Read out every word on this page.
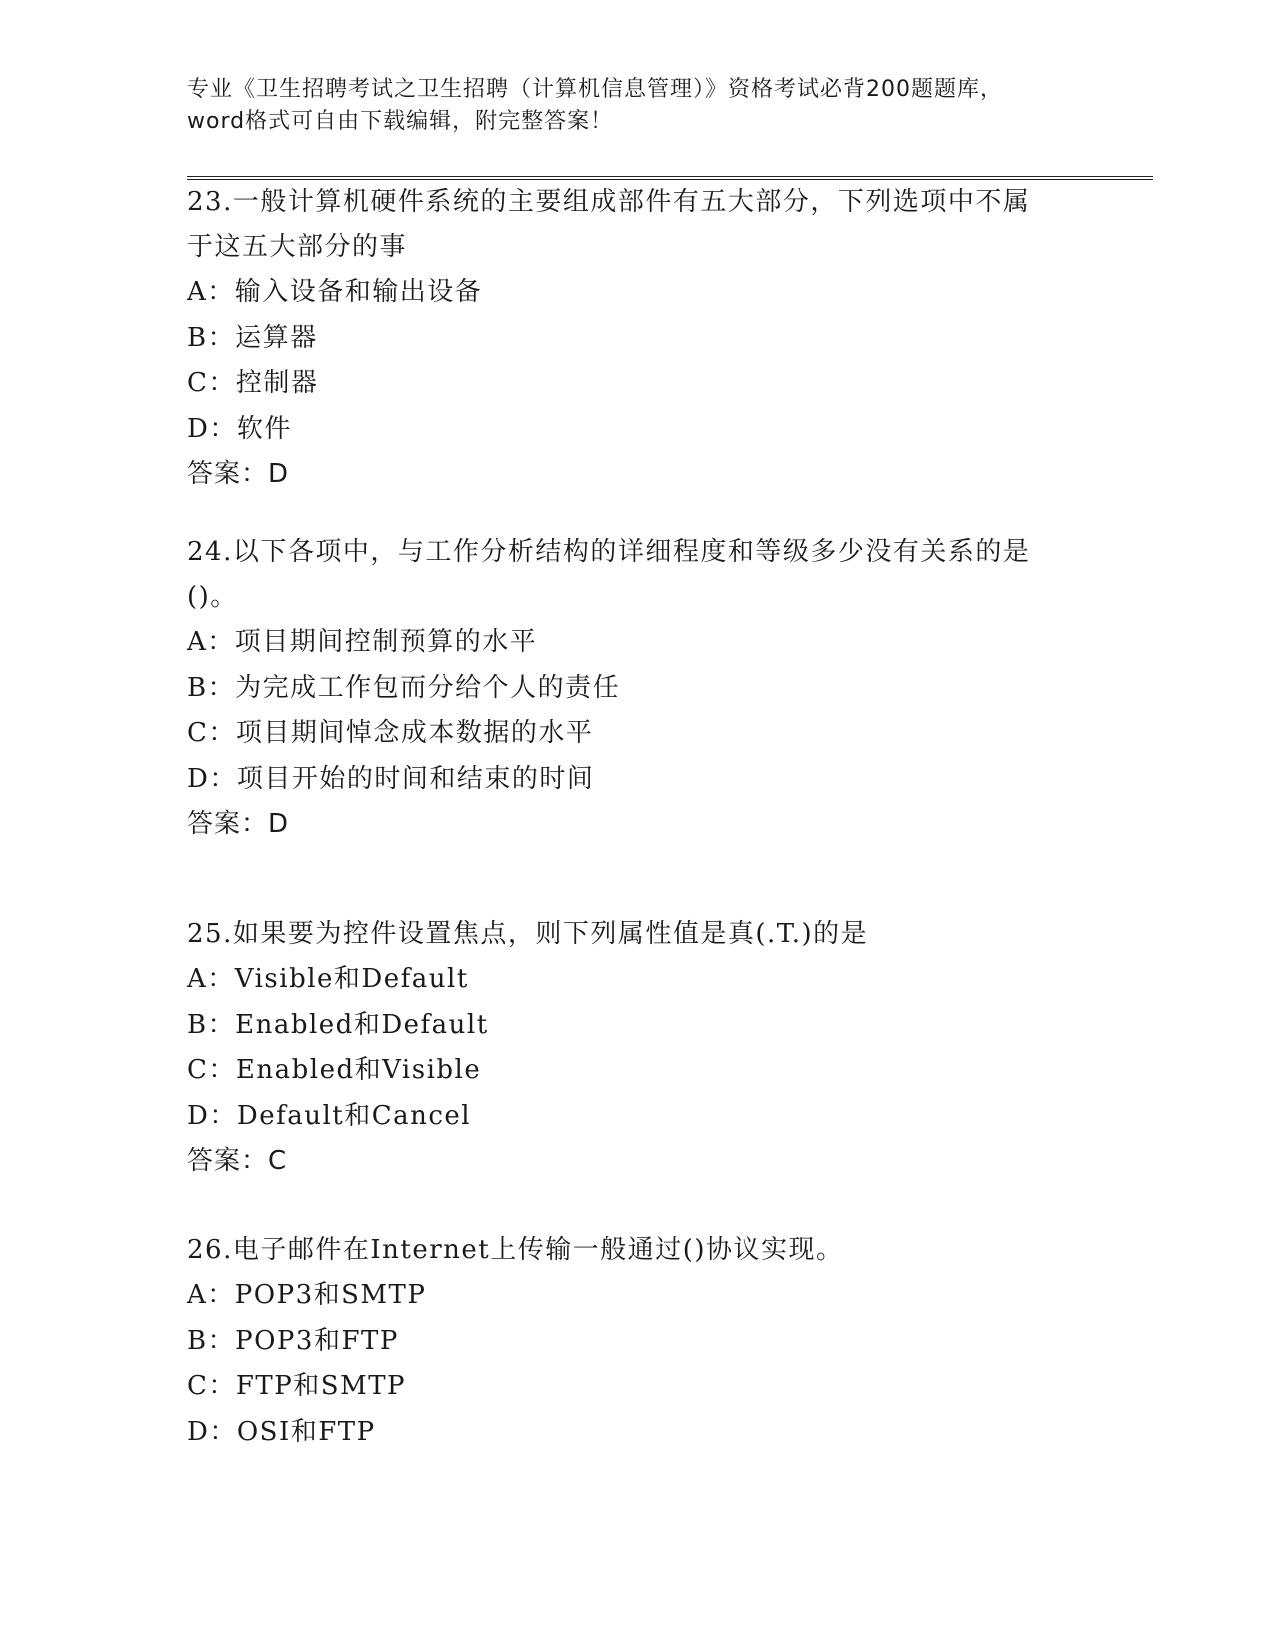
专业《卫生招聘考试之卫生招聘（计算机信息管理）》资格考试必背200题题库，
word格式可自由下载编辑，附完整答案！

23.一般计算机硬件系统的主要组成部件有五大部分，下列选项中不属

于这五大部分的事

A：输入设备和输出设备

B：运算器

C：控制器

D：软件

答案：D

24.以下各项中，与工作分析结构的详细程度和等级多少没有关系的是

()。

A：项目期间控制预算的水平

B：为完成工作包而分给个人的责任

C：项目期间悼念成本数据的水平

D：项目开始的时间和结束的时间

答案：D

25.如果要为控件设置焦点，则下列属性值是真(.T.)的是

A：Visible和Default

B：Enabled和Default

C：Enabled和Visible

D：Default和Cancel

答案：C

26.电子邮件在Internet上传输一般通过()协议实现。

A：POP3和SMTP

B：POP3和FTP

C：FTP和SMTP

D：OSI和FTP
